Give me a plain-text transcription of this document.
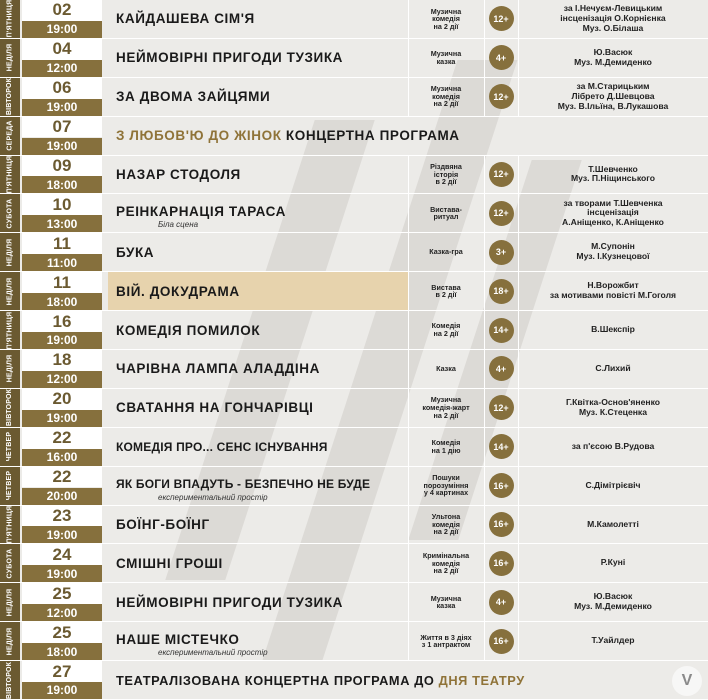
П'ЯТНИЦЯ	02
19:00
КАЙДАШЕВА СІМ'Я
Музична
комедія
на 2 дії
12+
за І.Нечуєм-Левицьким
інсценізація О.Корнієнка
Муз. О.Білаша
НЕДІЛЯ	04
12:00
НЕЙМОВІРНІ ПРИГОДИ ТУЗИКА	Музична
казка	4+
Ю.Васюк
Муз. М.Демиденко
ВІВТОРОК	06
19:00
ЗА ДВОМА ЗАЙЦЯМИ
Музична
комедія
на 2 дії
12+
за М.Старицьким
Лібрето Д.Шевцова
Муз. В.Ільїна, В.Лукашова
СЕРЕДА	07
19:00
З ЛЮБОВ'Ю ДО ЖІНОК КОНЦЕРТНА ПРОГРАМА
П'ЯТНИЦЯ	09
18:00
НАЗАР СТОДОЛЯ
Різдвяна
історія
в 2 дії
12+
Т.Шевченко
Муз. П.Ніщинського
СУБОТА	10
13:00
РЕІНКАРНАЦІЯ ТАРАСА
Біла сцена
Вистава-
ритуал	12+
за творами Т.Шевченка
інсценізація
А.Аніщенко, К.Аніщенко
НЕДІЛЯ	11
11:00
БУКА	Казка-гра	3+
М.Супонін
Муз. І.Кузнецової
НЕДІЛЯ	11
18:00
ВІЙ. ДОКУДРАМА	Вистава
в 2 дії	18+
Н.Ворожбит
за мотивами повісті М.Гоголя
П'ЯТНИЦЯ	16
19:00
КОМЕДІЯ ПОМИЛОК	Комедія
на 2 дії	14+	В.Шекспір
НЕДІЛЯ	18
12:00
ЧАРІВНА ЛАМПА АЛАДДІНА	Казка	4+	С.Лихий
ВІВТОРОК	20
19:00
СВАТАННЯ НА ГОНЧАРІВЦІ
Музична
комедія-жарт
на 2 дії
12+
Г.Квітка-Основ'яненко
Муз. К.Стеценка
ЧЕТВЕР	22
16:00
КОМЕДІЯ ПРО... СЕНС ІСНУВАННЯ	Комедія
на 1 дію	14+	за п'єсою В.Рудова
ЧЕТВЕР	22
20:00
ЯК БОГИ ВПАДУТЬ - БЕЗПЕЧНО НЕ БУДЕ
експериментальний простір
Пошуки
порозуміння
у 4 картинах
16+	С.Дімітрієвіч
П'ЯТНИЦЯ	23
19:00
БОЇНГ-БОЇНГ
Ультона
комедія
на 2 дії
16+	М.Камолетті
СУБОТА	24
19:00
СМІШНІ ГРОШІ
Кримінальна
комедія
на 2 дії
16+	Р.Куні
НЕДІЛЯ	25
12:00
НЕЙМОВІРНІ ПРИГОДИ ТУЗИКА	Музична
казка	4+
Ю.Васюк
Муз. М.Демиденко
НЕДІЛЯ	25
18:00
НАШЕ МІСТЕЧКО
експериментальний простір
Життя в 3 діях
з 1 антрактом	16+	Т.Уайлдер
ВІВТОРОК	27
19:00
ТЕАТРАЛІЗОВАНА КОНЦЕРТНА ПРОГРАМА ДО ДНЯ ТЕАТРУ	V
